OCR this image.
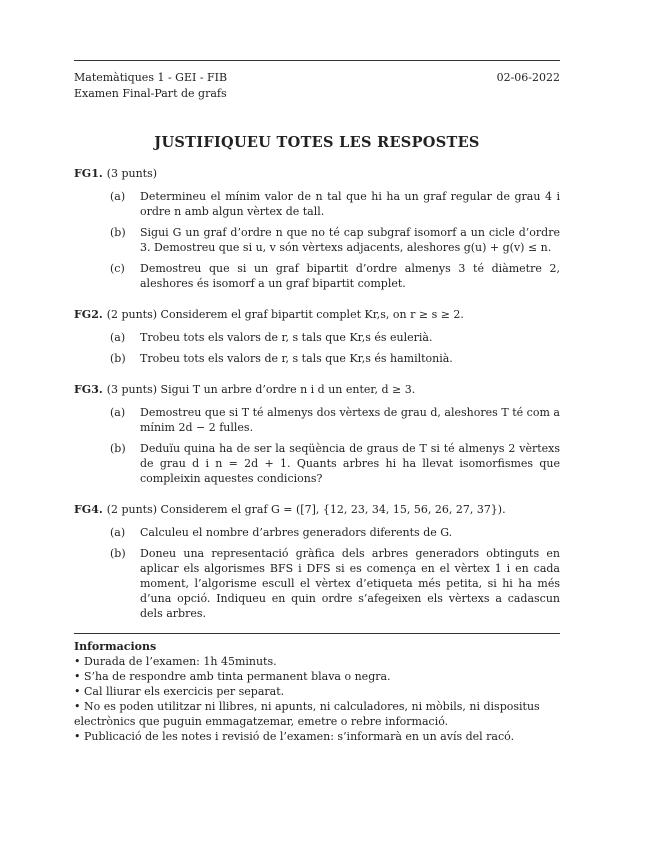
Matemàtiques 1 - GEI - FIB
Examen Final-Part de grafs
02-06-2022
JUSTIFIQUEU TOTES LES RESPOSTES
FG1. (3 punts)
(a)	Determineu el mínim valor de n tal que hi ha un graf regular de grau 4 i ordre n amb algun vèrtex de tall.
(b)	Sigui G un graf d’ordre n que no té cap subgraf isomorf a un cicle d’ordre 3. Demostreu que si u, v són vèrtexs adjacents, aleshores g(u) + g(v) ≤ n.
(c)	Demostreu que si un graf bipartit d’ordre almenys 3 té diàmetre 2, aleshores és isomorf a un graf bipartit complet.
FG2. (2 punts) Considerem el graf bipartit complet Kr,s, on r ≥ s ≥ 2.
(a)	Trobeu tots els valors de r, s tals que Kr,s és eulerià.
(b)	Trobeu tots els valors de r, s tals que Kr,s és hamiltonià.
FG3. (3 punts) Sigui T un arbre d’ordre n i d un enter, d ≥ 3.
(a)	Demostreu que si T té almenys dos vèrtexs de grau d, aleshores T té com a mínim 2d − 2 fulles.
(b)	Deduïu quina ha de ser la seqüència de graus de T si té almenys 2 vèrtexs de grau d i n = 2d + 1. Quants arbres hi ha llevat isomorfismes que compleixin aquestes condicions?
FG4. (2 punts) Considerem el graf G = ([7], {12, 23, 34, 15, 56, 26, 27, 37}).
(a)	Calculeu el nombre d’arbres generadors diferents de G.
(b)	Doneu una representació gràfica dels arbres generadors obtinguts en aplicar els algorismes BFS i DFS si es comença en el vèrtex 1 i en cada moment, l’algorisme escull el vèrtex d’etiqueta més petita, si hi ha més d’una opció. Indiqueu en quin ordre s’afegeixen els vèrtexs a cadascun dels arbres.
Informacions
• Durada de l’examen: 1h 45minuts.
• S’ha de respondre amb tinta permanent blava o negra.
• Cal lliurar els exercicis per separat.
• No es poden utilitzar ni llibres, ni apunts, ni calculadores, ni mòbils, ni dispositus electrònics que puguin emmagatzemar, emetre o rebre informació.
• Publicació de les notes i revisió de l’examen: s’informarà en un avís del racó.
